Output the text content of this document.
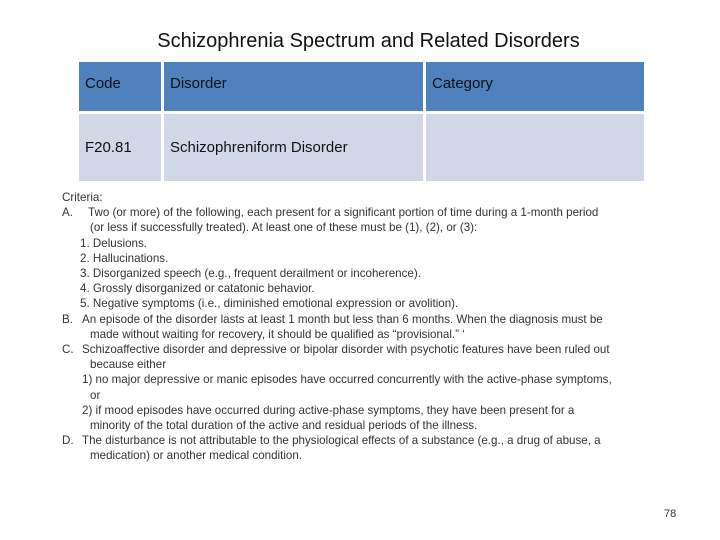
Schizophrenia Spectrum and Related Disorders
Code	Disorder	Category
F20.81	Schizophreniform Disorder	
Criteria:
A. Two (or more) of the following, each present for a significant portion of time during a 1-month period
(or less if successfully treated). At least one of these must be (1), (2), or (3):
1. Delusions.
2. Hallucinations.
3. Disorganized speech (e.g., frequent derailment or incoherence).
4. Grossly disorganized or catatonic behavior.
5. Negative symptoms (i.e., diminished emotional expression or avolition).
B. An episode of the disorder lasts at least 1 month but less than 6 months. When the diagnosis must be
made without waiting for recovery, it should be qualified as “provisional.” ‘
C. Schizoaffective disorder and depressive or bipolar disorder with psychotic features have been ruled out
because either
1) no major depressive or manic episodes have occurred concurrently with the active-phase symptoms,
or
2) if mood episodes have occurred during active-phase symptoms, they have been present for a
minority of the total duration of the active and residual periods of the illness.
D. The disturbance is not attributable to the physiological effects of a substance (e.g., a drug of abuse, a
medication) or another medical condition.
78
